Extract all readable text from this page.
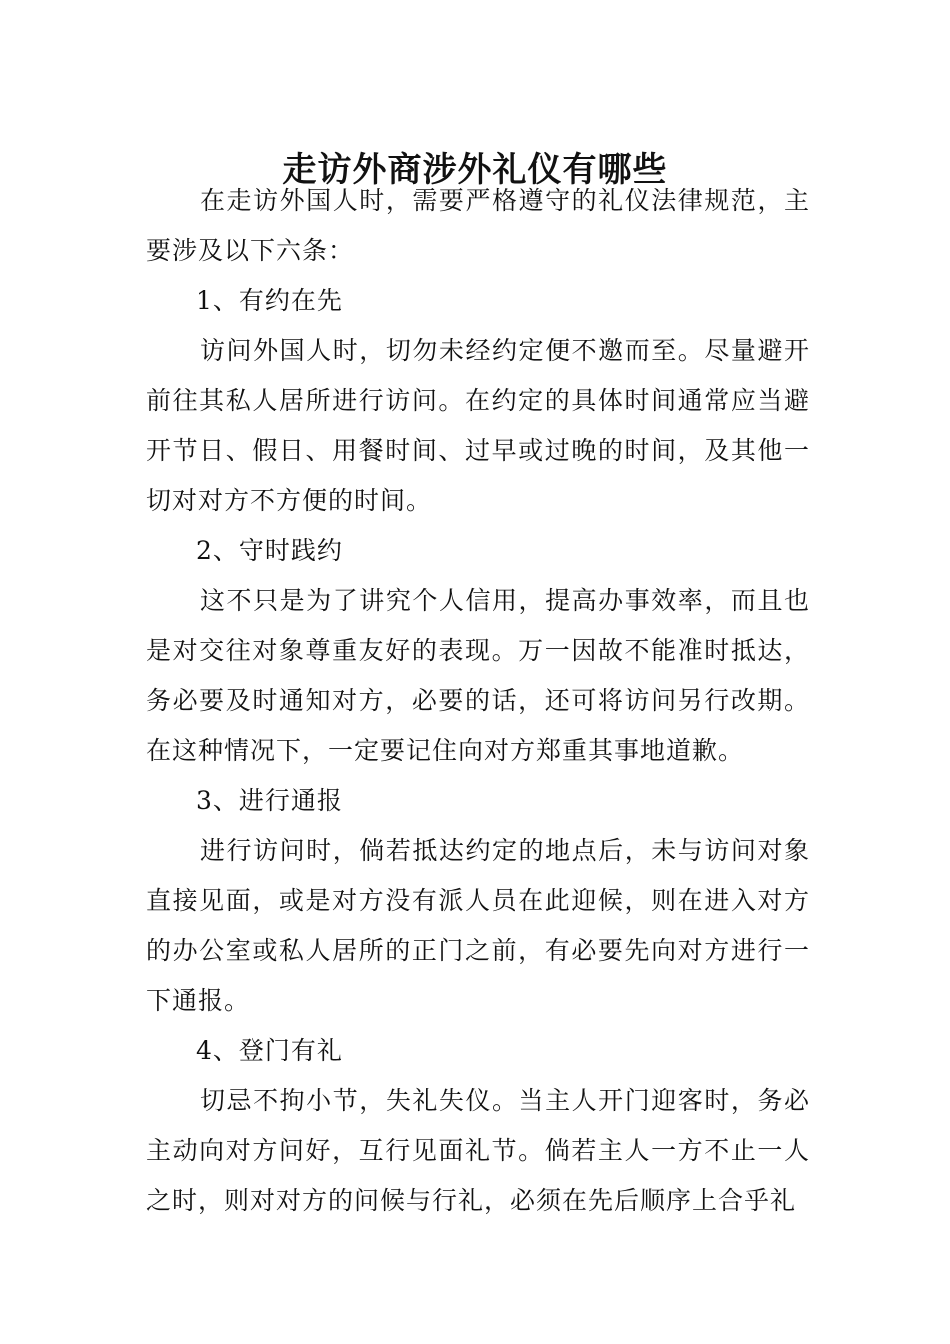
走访外商涉外礼仪有哪些

在走访外国人时，需要严格遵守的礼仪法律规范，主要涉及以下六条：

1、有约在先

访问外国人时，切勿未经约定便不邀而至。尽量避开前往其私人居所进行访问。在约定的具体时间通常应当避开节日、假日、用餐时间、过早或过晚的时间，及其他一切对对方不方便的时间。

2、守时践约

这不只是为了讲究个人信用，提高办事效率，而且也是对交往对象尊重友好的表现。万一因故不能准时抵达，务必要及时通知对方，必要的话，还可将访问另行改期。在这种情况下，一定要记住向对方郑重其事地道歉。

3、进行通报

进行访问时，倘若抵达约定的地点后，未与访问对象直接见面，或是对方没有派人员在此迎候，则在进入对方的办公室或私人居所的正门之前，有必要先向对方进行一下通报。

4、登门有礼

切忌不拘小节，失礼失仪。当主人开门迎客时，务必主动向对方问好，互行见面礼节。倘若主人一方不止一人之时，则对对方的问候与行礼，必须在先后顺序上合乎礼
